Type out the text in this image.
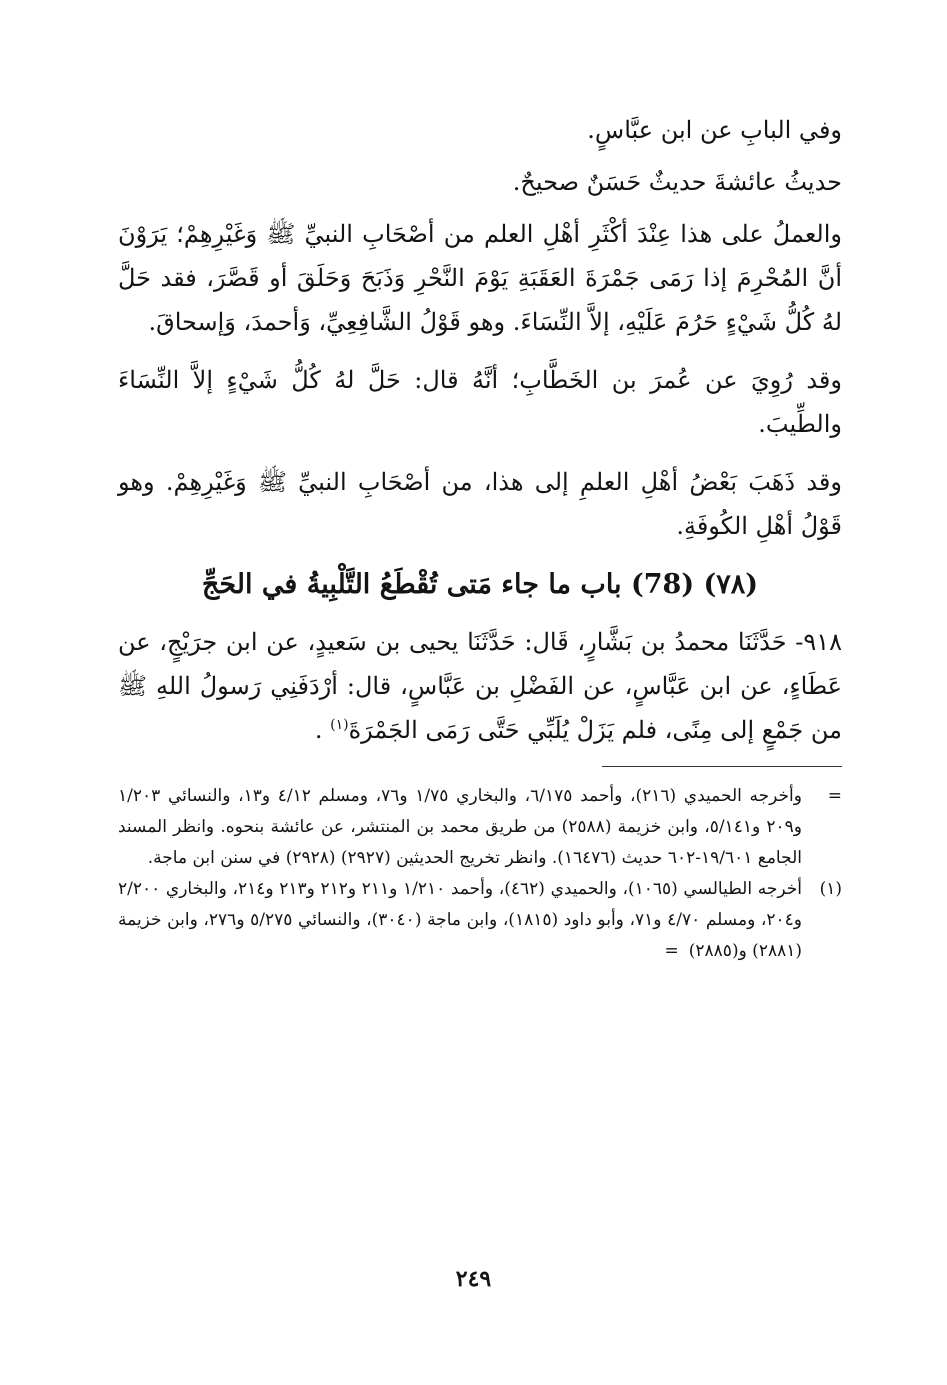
وفي البابِ عن ابن عبَّاسٍ.

حديثُ عائشةَ حديثٌ حَسَنٌ صحيحٌ.

والعملُ على هذا عِنْدَ أكْثَرِ أهْلِ العلم من أصْحَابِ النبيِّ ﷺ وَغَيْرِهِمْ؛ يَرَوْنَ أنَّ المُحْرِمَ إذا رَمَى جَمْرَةَ العَقَبَةِ يَوْمَ النَّحْرِ وَذَبَحَ وَحَلَقَ أو قَصَّرَ، فقد حَلَّ لهُ كُلُّ شَيْءٍ حَرُمَ عَلَيْهِ، إلاَّ النِّسَاءَ. وهو قَوْلُ الشَّافِعِيِّ، وَأحمدَ، وَإسحاقَ.

وقد رُوِيَ عن عُمرَ بن الخَطَّابِ؛ أنَّهُ قال: حَلَّ لهُ كُلُّ شَيْءٍ إلاَّ النِّسَاءَ والطِّيبَ.

وقد ذَهَبَ بَعْضُ أهْلِ العلمِ إلى هذا، من أصْحَابِ النبيِّ ﷺ وَغَيْرِهِمْ. وهو قَوْلُ أهْلِ الكُوفَةِ.

(٧٨) (78) باب ما جاء مَتى تُقْطَعُ التَّلْبِيةُ في الحَجِّ

٩١٨- حَدَّثَنَا محمدُ بن بَشَّارٍ، قَال: حَدَّثَنَا يحيى بن سَعيدٍ، عن ابن جرَيْجٍ، عن عَطَاءٍ، عن ابن عَبَّاسٍ، عن الفَضْلِ بن عَبَّاسٍ، قال: أرْدَفَنِي رَسولُ اللهِ ﷺ من جَمْعٍ إلى مِنًى، فلم يَزَلْ يُلَبِّي حَتَّى رَمَى الجَمْرَةَ$^{(١)}$ .

=
وأخرجه الحميدي (٢١٦)، وأحمد ٦/١٧٥، والبخاري ١/٧٥ و٧٦، ومسلم ٤/١٢ و١٣، والنسائي ١/٢٠٣ و٢٠٩ و٥/١٤١، وابن خزيمة (٢٥٨٨) من طريق محمد بن المنتشر، عن عائشة بنحوه. وانظر المسند الجامع ١٩/٦٠١-٦٠٢ حديث (١٦٤٧٦). وانظر تخريج الحديثين (٢٩٢٧) (٢٩٢٨) في سنن ابن ماجة.
(١)
أخرجه الطيالسي (١٠٦٥)، والحميدي (٤٦٢)، وأحمد ١/٢١٠ و٢١١ و٢١٢ و٢١٣ و٢١٤، والبخاري ٢/٢٠٠ و٢٠٤، ومسلم ٤/٧٠ و٧١، وأبو داود (١٨١٥)، وابن ماجة (٣٠٤٠)، والنسائي ٥/٢٧٥ و٢٧٦، وابن خزيمة (٢٨٨١) و(٢٨٨٥)=
٢٤٩
